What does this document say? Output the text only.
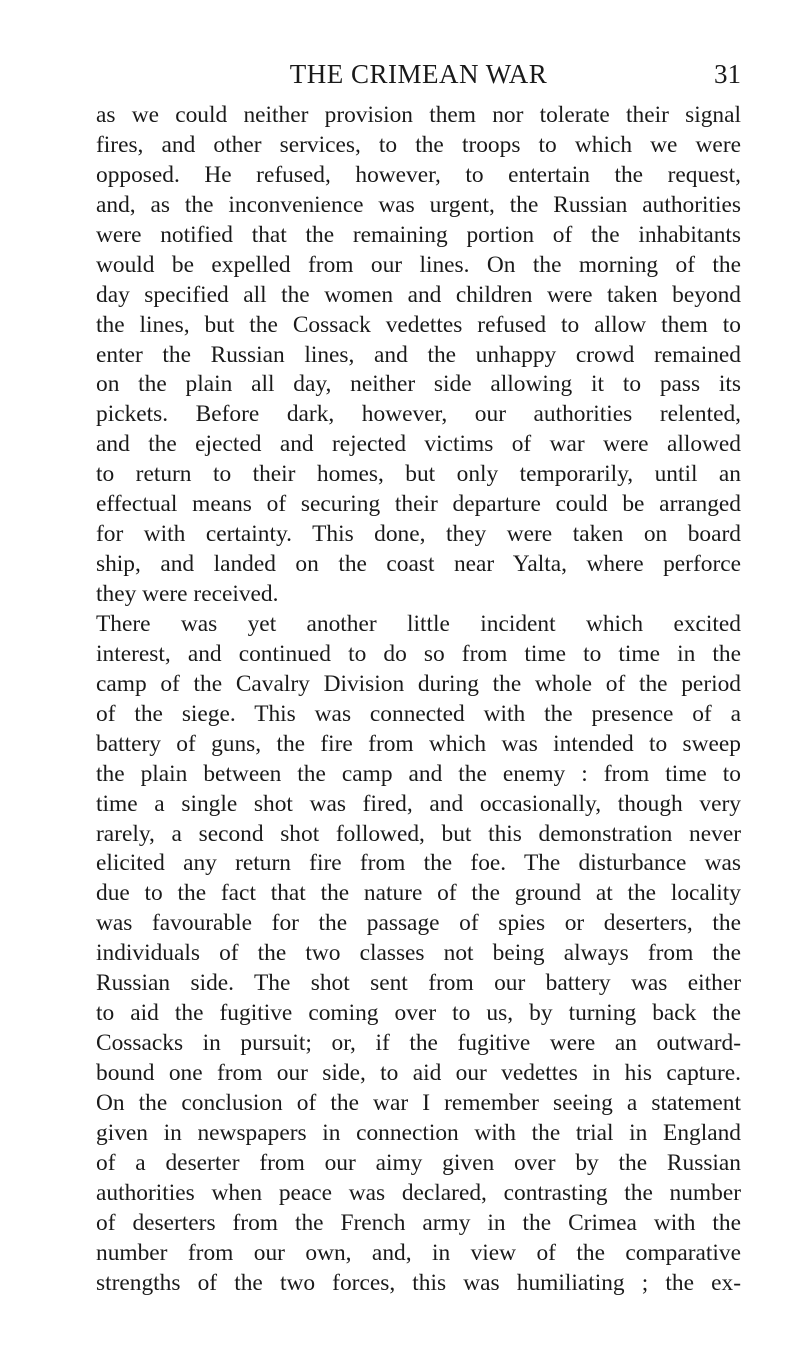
THE CRIMEAN WAR	31
as we could neither provision them nor tolerate their signal
fires, and other services, to the troops to which we were
opposed. He refused, however, to entertain the request,
and, as the inconvenience was urgent, the Russian authorities
were notified that the remaining portion of the inhabitants
would be expelled from our lines. On the morning of the
day specified all the women and children were taken beyond
the lines, but the Cossack vedettes refused to allow them to
enter the Russian lines, and the unhappy crowd remained
on the plain all day, neither side allowing it to pass its
pickets. Before dark, however, our authorities relented,
and the ejected and rejected victims of war were allowed
to return to their homes, but only temporarily, until an
effectual means of securing their departure could be arranged
for with certainty. This done, they were taken on board
ship, and landed on the coast near Yalta, where perforce
they were received.
There was yet another little incident which excited
interest, and continued to do so from time to time in the
camp of the Cavalry Division during the whole of the period
of the siege. This was connected with the presence of a
battery of guns, the fire from which was intended to sweep
the plain between the camp and the enemy : from time to
time a single shot was fired, and occasionally, though very
rarely, a second shot followed, but this demonstration never
elicited any return fire from the foe. The disturbance was
due to the fact that the nature of the ground at the locality
was favourable for the passage of spies or deserters, the
individuals of the two classes not being always from the
Russian side. The shot sent from our battery was either
to aid the fugitive coming over to us, by turning back the
Cossacks in pursuit; or, if the fugitive were an outward-
bound one from our side, to aid our vedettes in his capture.
On the conclusion of the war I remember seeing a statement
given in newspapers in connection with the trial in England
of a deserter from our aimy given over by the Russian
authorities when peace was declared, contrasting the number
of deserters from the French army in the Crimea with the
number from our own, and, in view of the comparative
strengths of the two forces, this was humiliating ; the ex-
